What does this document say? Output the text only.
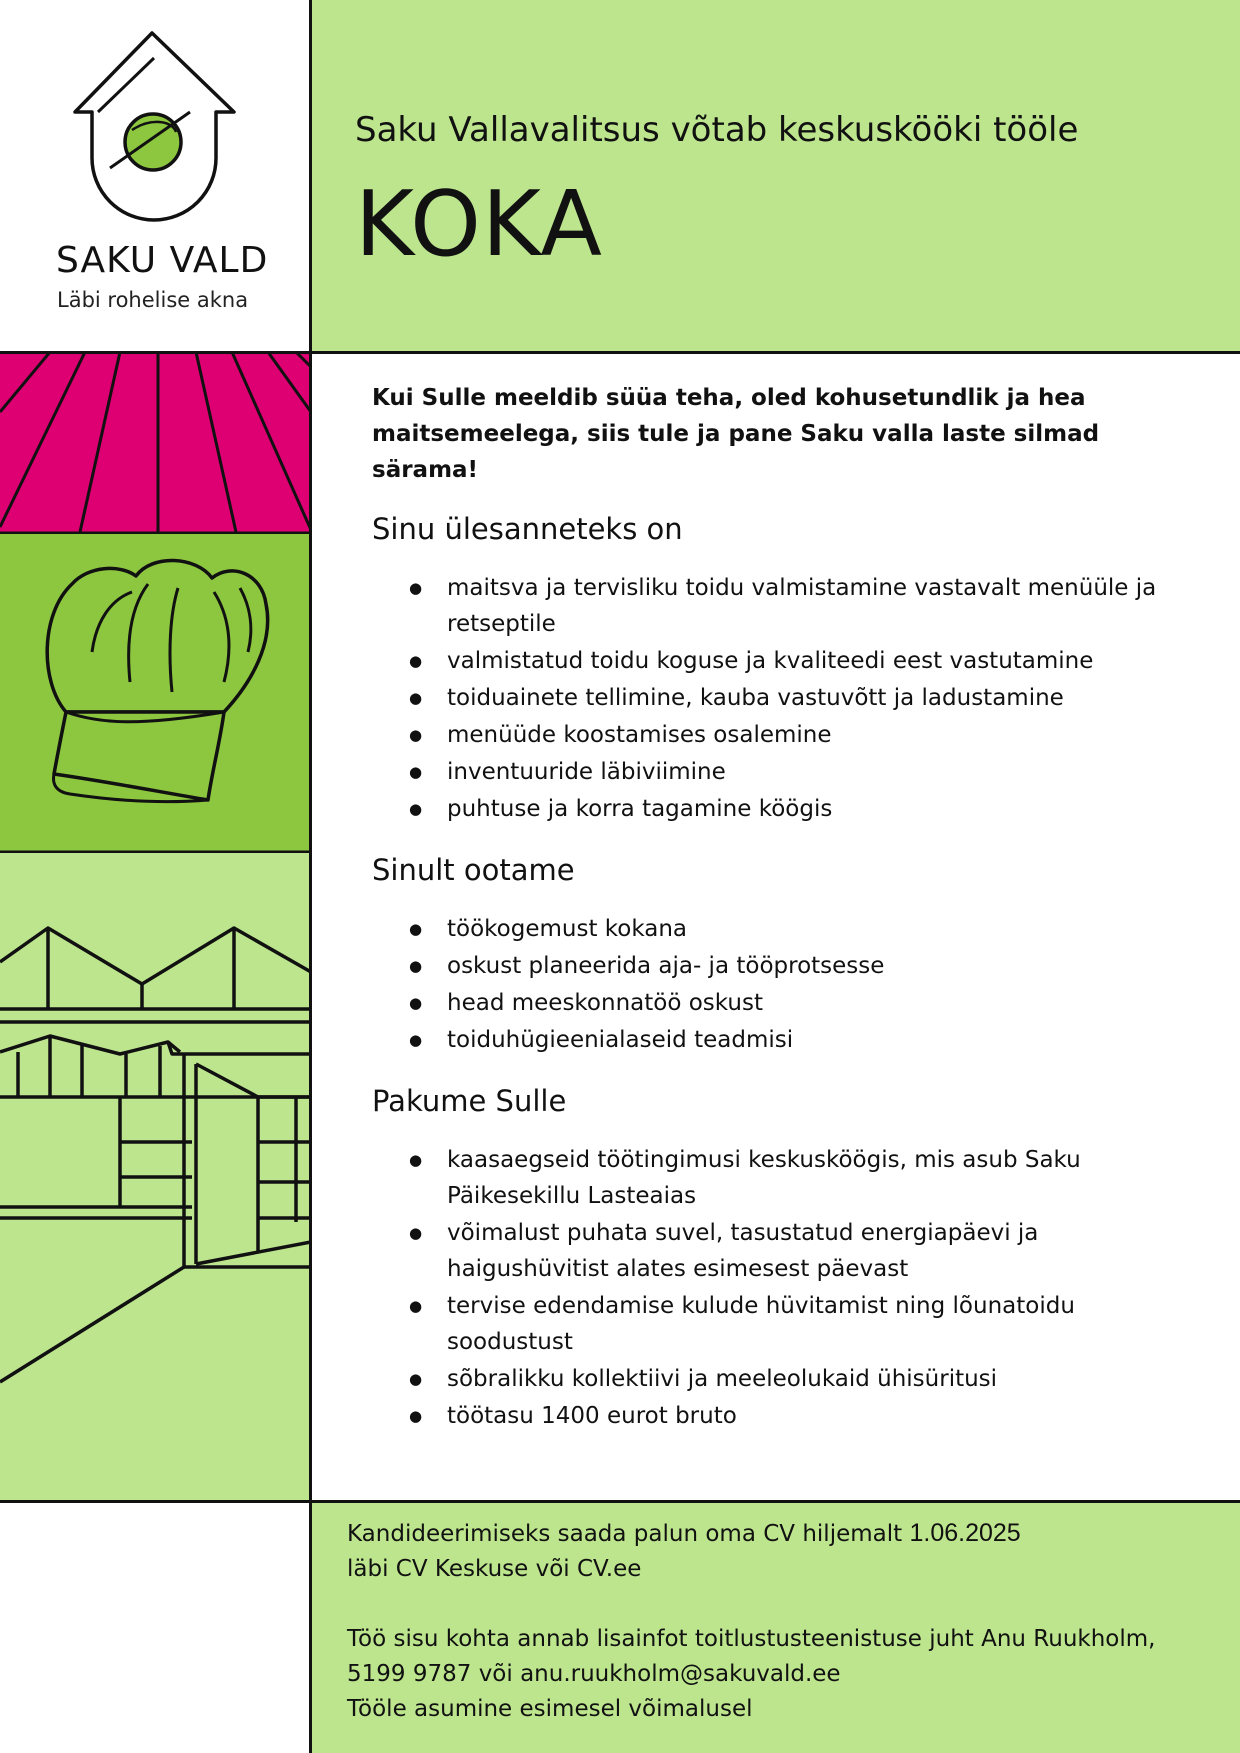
SAKU VALD
Läbi rohelise akna
Saku Vallavalitsus võtab keskuskööki tööle
KOKA

Kui Sulle meeldib süüa teha, oled kohusetundlik ja hea maitsemeelega, siis tule ja pane Saku valla laste silmad särama!

Sinu ülesanneteks on
● maitsva ja tervisliku toidu valmistamine vastavalt menüüle ja retseptile
● valmistatud toidu koguse ja kvaliteedi eest vastutamine
● toiduainete tellimine, kauba vastuvõtt ja ladustamine
● menüüde koostamises osalemine
● inventuuride läbiviimine
● puhtuse ja korra tagamine köögis
Sinult ootame
● töökogemust kokana
● oskust planeerida aja- ja tööprotsesse
● head meeskonnatöö oskust
● toiduhügieenialaseid teadmisi
Pakume Sulle
● kaasaegseid töötingimusi keskusköögis, mis asub Saku Päikesekillu Lasteaias
● võimalust puhata suvel, tasustatud energiapäevi ja haigushüvitist alates esimesest päevast
● tervise edendamise kulude hüvitamist ning lõunatoidu soodustust
● sõbralikku kollektiivi ja meeleolukaid ühisüritusi
● töötasu 1400 eurot bruto

Kandideerimiseks saada palun oma CV hiljemalt 1.06.2025

läbi CV Keskuse või CV.ee

Töö sisu kohta annab lisainfot toitlustusteenistuse juht Anu Ruukholm,

5199 9787 või anu.ruukholm@sakuvald.ee

Tööle asumine esimesel võimalusel
